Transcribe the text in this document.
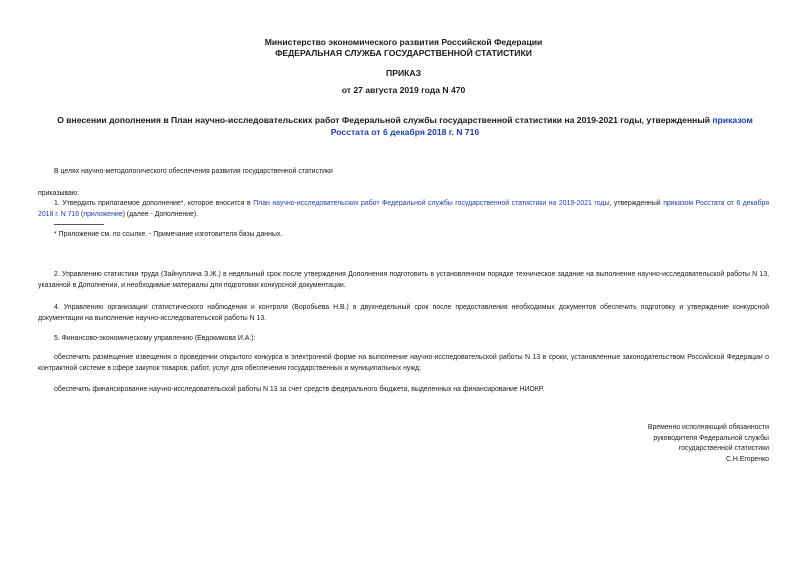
Министерство экономического развития Российской Федерации
ФЕДЕРАЛЬНАЯ СЛУЖБА ГОСУДАРСТВЕННОЙ СТАТИСТИКИ
ПРИКАЗ
от 27 августа 2019 года N 470
О внесении дополнения в План научно-исследовательских работ Федеральной службы государственной статистики на 2019-2021 годы, утвержденный приказом Росстата от 6 декабря 2018 г. N 716
В целях научно-методологического обеспечения развития государственной статистики
приказываю:
1. Утвердить прилагаемое дополнение*, которое вносится в План научно-исследовательских работ Федеральной службы государственной статистики на 2019-2021 годы, утвержденный приказом Росстата от 6 декабря 2018 г. N 716 (приложение) (далее - Дополнение).
* Приложение см. по ссылке. - Примечание изготовителя базы данных.
2. Управлению статистики труда (Зайнуллина З.Ж.) в недельный срок после утверждения Дополнения подготовить в установленном порядке техническое задание на выполнение научно-исследовательской работы N 13, указанной в Дополнении, и необходимые материалы для подготовки конкурсной документации.
4. Управлению организации статистического наблюдения и контроля (Воробьева Н.В.) в двухнедельный срок после предоставления необходимых документов обеспечить подготовку и утверждение конкурсной документации на выполнение научно-исследовательской работы N 13.
5. Финансово-экономическому управлению (Евдокимова И.А.):
обеспечить размещение извещения о проведении открытого конкурса в электронной форме на выполнение научно-исследовательской работы N 13 в сроки, установленные законодательством Российской Федерации о контрактной системе в сфере закупок товаров, работ, услуг для обеспечения государственных и муниципальных нужд;
обеспечить финансирование научно-исследовательской работы N 13 за счет средств федерального бюджета, выделенных на финансирование НИОКР.
Временно исполняющий обязанности
руководителя Федеральной службы
государственной статистики
С.Н.Егоренко
